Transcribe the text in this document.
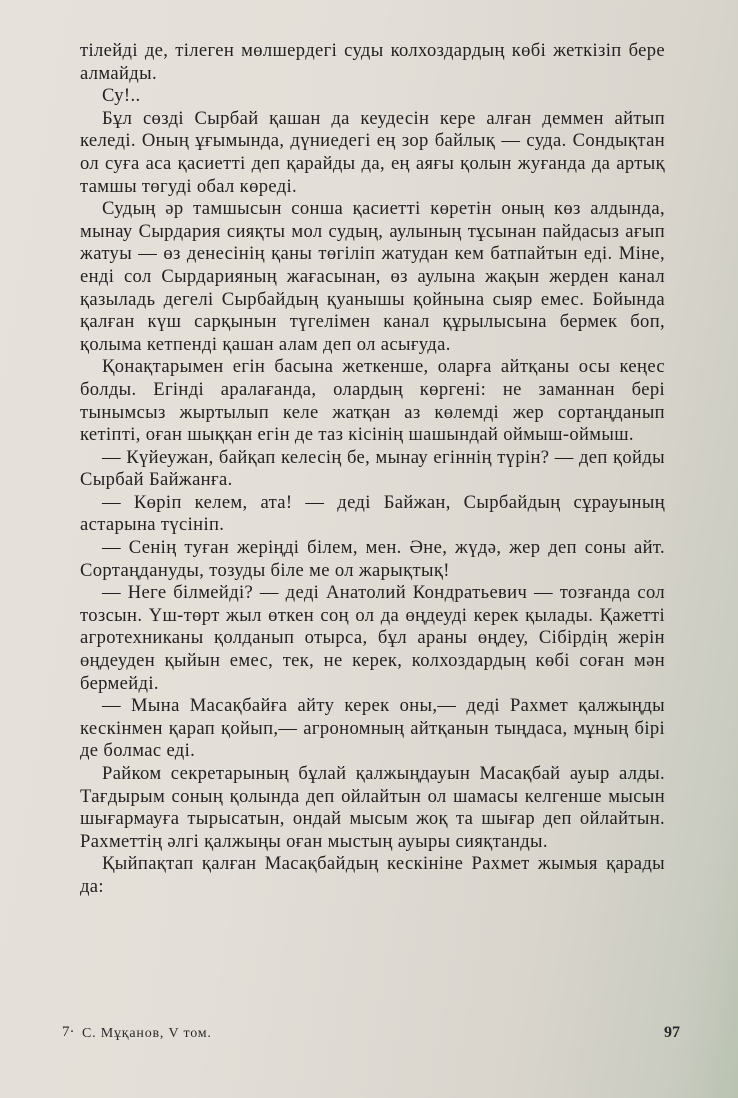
тілейді де, тілеген мөлшердегі суды колхоздардың көбі жеткізіп бере алмайды.

Су!..

Бұл сөзді Сырбай қашан да кеудесін кере алған деммен айтып келеді. Оның ұғымында, дүниедегі ең зор байлық — суда. Сондықтан ол суға аса қасиетті деп қарайды да, ең аяғы қолын жуғанда да артық тамшы төгуді обал көреді.

Судың әр тамшысын сонша қасиетті көретін оның көз алдында, мынау Сырдария сияқты мол судың, аулының тұсынан пайдасыз ағып жатуы — өз денесінің қаны төгіліп жатудан кем батпайтын еді. Міне, енді сол Сырдарияның жағасынан, өз аулына жақын жерден канал қазыладь дегелі Сырбайдың қуанышы қойнына сыяр емес. Бойында қалған күш сарқынын түгелімен канал құрылысына бермек боп, қолыма кетпенді қашан алам деп ол асығуда.

Қонақтарымен егін басына жеткенше, оларға айтқаны осы кеңес болды. Егінді аралағанда, олардың көргені: не заманнан бері тынымсыз жыртылып келе жатқан аз көлемді жер сортаңданып кетіпті, оған шыққан егін де таз кісінің шашындай оймыш-оймыш.

— Күйеужан, байқап келесің бе, мынау егіннің түрін? — деп қойды Сырбай Байжанға.

— Көріп келем, ата! — деді Байжан, Сырбайдың сұрауының астарына түсініп.

— Сенің туған жеріңді білем, мен. Әне, жүдә, жер деп соны айт. Сортаңдануды, тозуды біле ме ол жарықтық!

— Неге білмейді? — деді Анатолий Кондратьевич — тозғанда сол тозсын. Үш-төрт жыл өткен соң ол да өңдеуді керек қылады. Қажетті агротехниканы қолданып отырса, бұл араны өңдеу, Сібірдің жерін өңдеуден қыйын емес, тек, не керек, колхоздардың көбі соған мән бермейді.

— Мына Масақбайға айту керек оны,— деді Рахмет қалжыңды кескінмен қарап қойып,— агрономның айтқанын тыңдаса, мұның бірі де болмас еді.

Райком секретарының бұлай қалжыңдауын Масақбай ауыр алды. Тағдырым соның қолында деп ойлайтын ол шамасы келгенше мысын шығармауға тырысатын, ондай мысым жоқ та шығар деп ойлайтын. Рахметтің әлгі қалжыңы оған мыстың ауыры сияқтанды.

Қыйпақтап қалған Масақбайдың кескініне Рахмет жымыя қарады да:

7· С. Мұқанов, V том.	97
